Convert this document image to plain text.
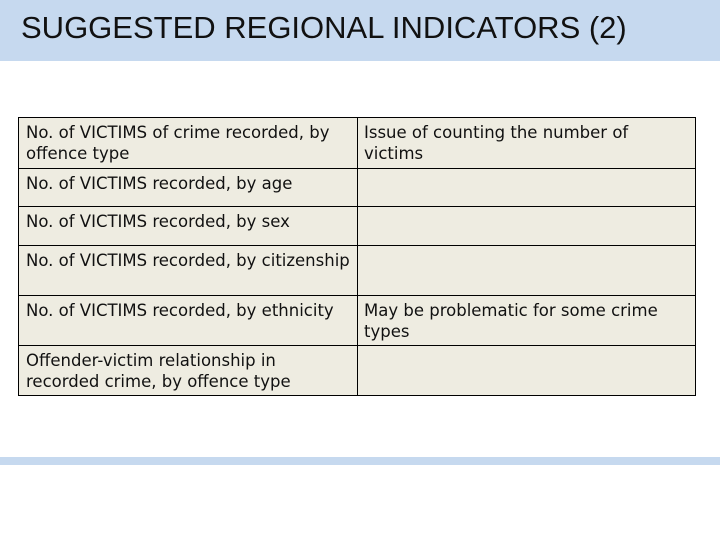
SUGGESTED REGIONAL INDICATORS (2)
No. of VICTIMS of crime recorded, by offence type	Issue of counting the number of victims
No. of VICTIMS recorded, by age	
No. of VICTIMS recorded, by sex	
No. of VICTIMS recorded, by citizenship	
No. of VICTIMS recorded, by ethnicity	May be problematic for some crime types
Offender-victim relationship in recorded crime, by offence type	
